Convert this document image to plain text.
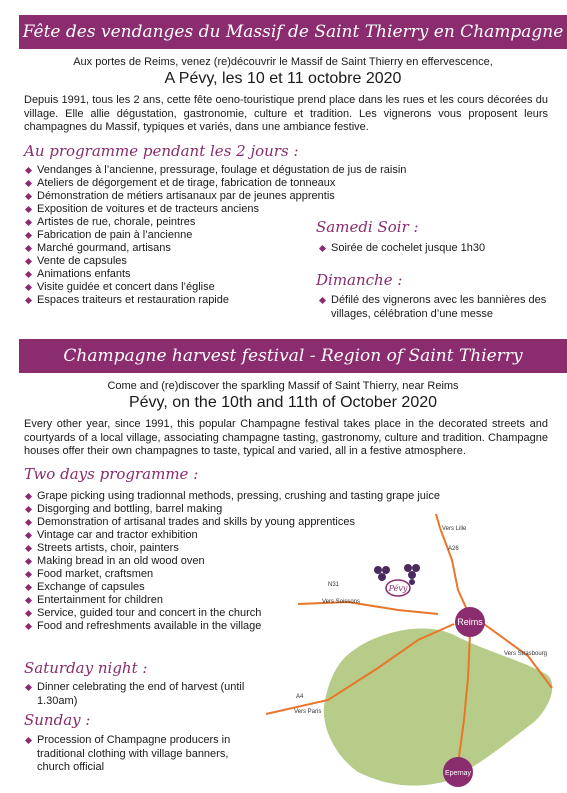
Fête des vendanges du Massif de Saint Thierry en Champagne
Aux portes de Reims, venez (re)découvrir le Massif de Saint Thierry en effervescence,
A Pévy, les 10 et 11 octobre 2020
Depuis 1991, tous les 2 ans, cette fête oeno-touristique prend place dans les rues et les cours décorées du village. Elle allie dégustation, gastronomie, culture et tradition. Les vignerons vous proposent leurs champagnes du Massif, typiques et variés, dans une ambiance festive.
Au programme pendant les 2 jours :
Vendanges à l’ancienne, pressurage, foulage et dégustation de jus de raisin
Ateliers de dégorgement et de tirage, fabrication de tonneaux
Démonstration de métiers artisanaux par de jeunes apprentis
Exposition de voitures et de tracteurs anciens
Artistes de rue, chorale, peintres
Fabrication de pain à l’ancienne
Marché gourmand, artisans
Vente de capsules
Animations enfants
Visite guidée et concert dans l’église
Espaces traiteurs et restauration rapide
Samedi Soir :
Soirée de cochelet jusque 1h30
Dimanche :
Défilé des vignerons avec les bannières des villages, célébration d’une messe
Champagne harvest festival - Region of Saint Thierry
Come and (re)discover the sparkling Massif of Saint Thierry, near Reims
Pévy, on the 10th and 11th of October 2020
Every other year, since 1991, this popular Champagne festival takes place in the decorated streets and courtyards of a local village, associating champagne tasting, gastronomy, culture and tradition. Champagne houses offer their own champagnes to taste, typical and varied, all in a festive atmosphere.
Two days programme :
Grape picking using tradionnal methods, pressing, crushing and tasting grape juice
Disgorging and bottling, barrel making
Demonstration of artisanal trades and skills by young apprentices
Vintage car and tractor exhibition
Streets artists, choir, painters
Making bread in an old wood oven
Food market, craftsmen
Exchange of capsules
Entertainment for children
Service, guided tour and concert in the church
Food and refreshments available in the village
Saturday night :
Dinner celebrating the end of harvest (until 1.30am)
Sunday :
Procession of Champagne producers in traditional clothing with village banners, church official
Pévy
Reims
Epernay
A26
N31
A4
Vers Lille
Vers Soissons
Vers Strasbourg
Vers Paris
